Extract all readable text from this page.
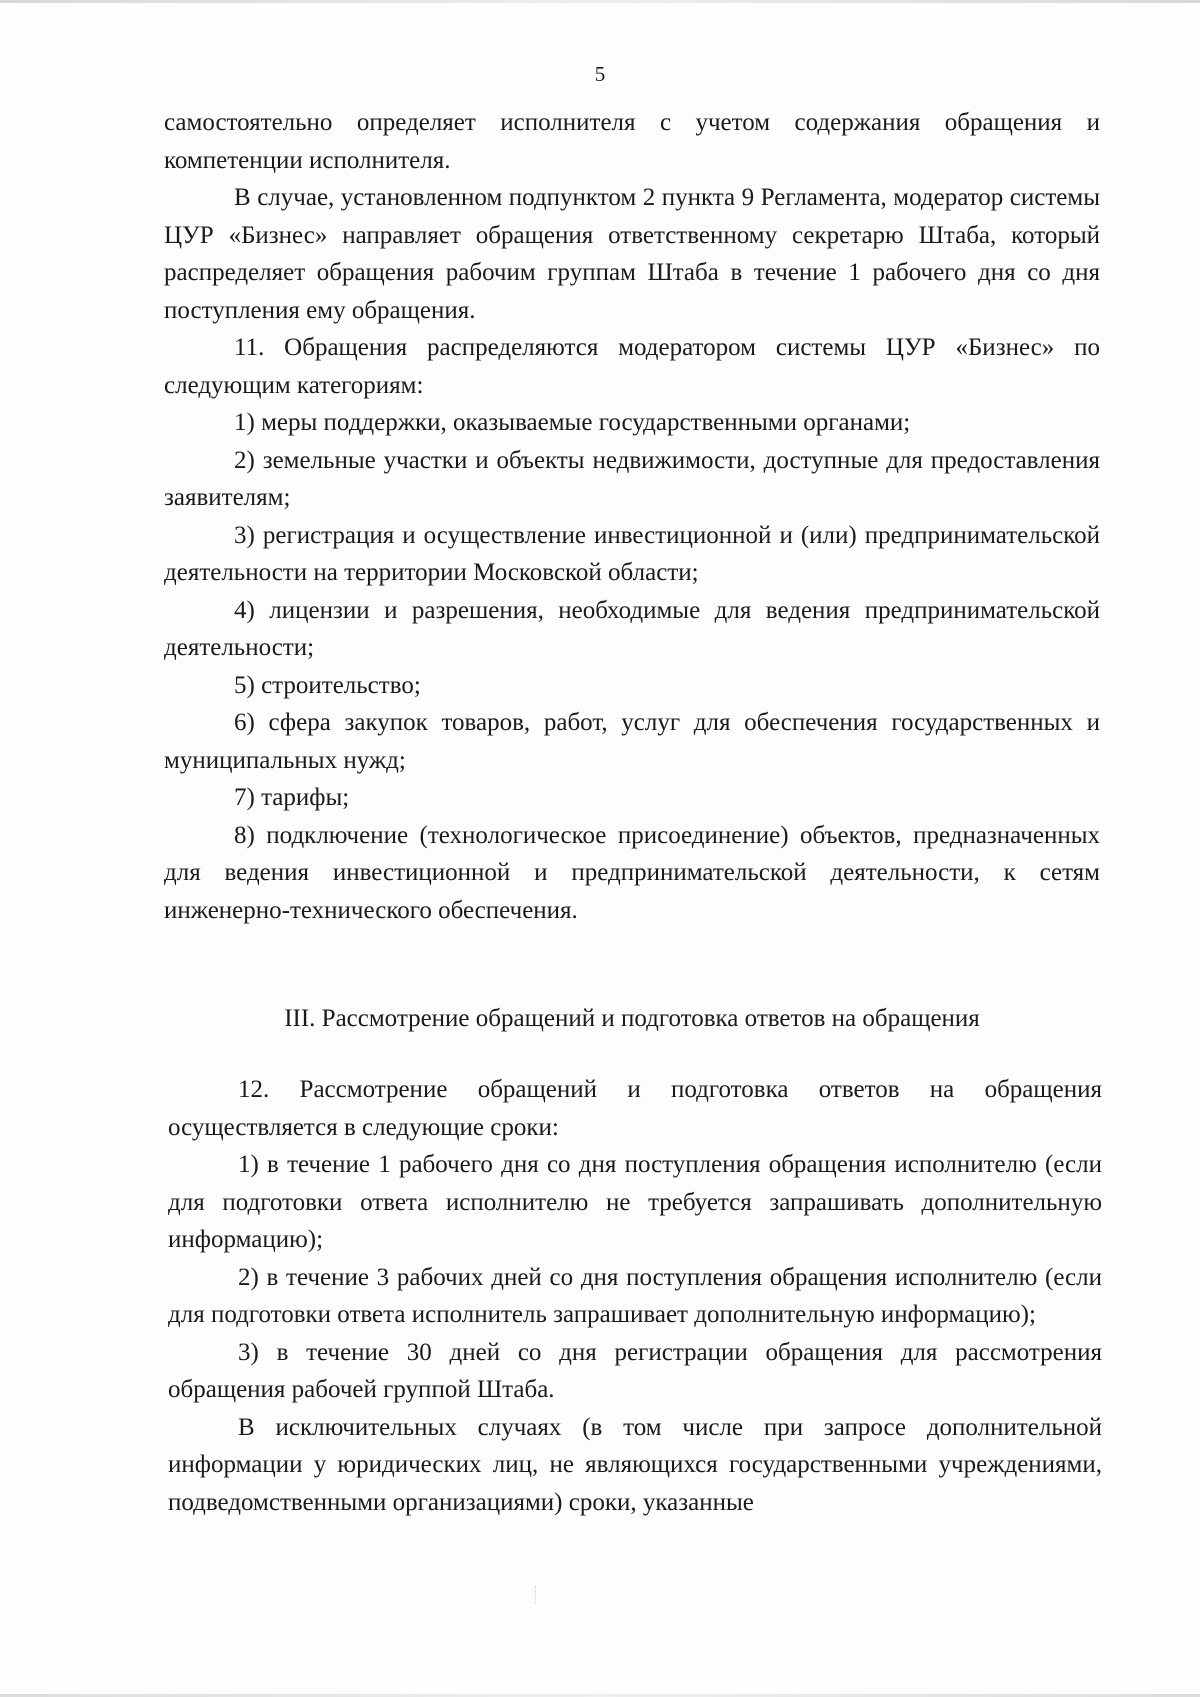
5

самостоятельно определяет исполнителя с учетом содержания обращения и компетенции исполнителя.

В случае, установленном подпунктом 2 пункта 9 Регламента, модератор системы ЦУР «Бизнес» направляет обращения ответственному секретарю Штаба, который распределяет обращения рабочим группам Штаба в течение 1 рабочего дня со дня поступления ему обращения.

11. Обращения распределяются модератором системы ЦУР «Бизнес» по следующим категориям:

1) меры поддержки, оказываемые государственными органами;

2) земельные участки и объекты недвижимости, доступные для предоставления заявителям;

3) регистрация и осуществление инвестиционной и (или) предпринимательской деятельности на территории Московской области;

4) лицензии и разрешения, необходимые для ведения предпринимательской деятельности;

5) строительство;

6) сфера закупок товаров, работ, услуг для обеспечения государственных и муниципальных нужд;

7) тарифы;

8) подключение (технологическое присоединение) объектов, предназначенных для ведения инвестиционной и предпринимательской деятельности, к сетям инженерно-технического обеспечения.

III. Рассмотрение обращений и подготовка ответов на обращения

12. Рассмотрение обращений и подготовка ответов на обращения осуществляется в следующие сроки:

1) в течение 1 рабочего дня со дня поступления обращения исполнителю (если для подготовки ответа исполнителю не требуется запрашивать дополнительную информацию);

2) в течение 3 рабочих дней со дня поступления обращения исполнителю (если для подготовки ответа исполнитель запрашивает дополнительную информацию);

3) в течение 30 дней со дня регистрации обращения для рассмотрения обращения рабочей группой Штаба.

В исключительных случаях (в том числе при запросе дополнительной информации у юридических лиц, не являющихся государственными учреждениями, подведомственными организациями) сроки, указанные
